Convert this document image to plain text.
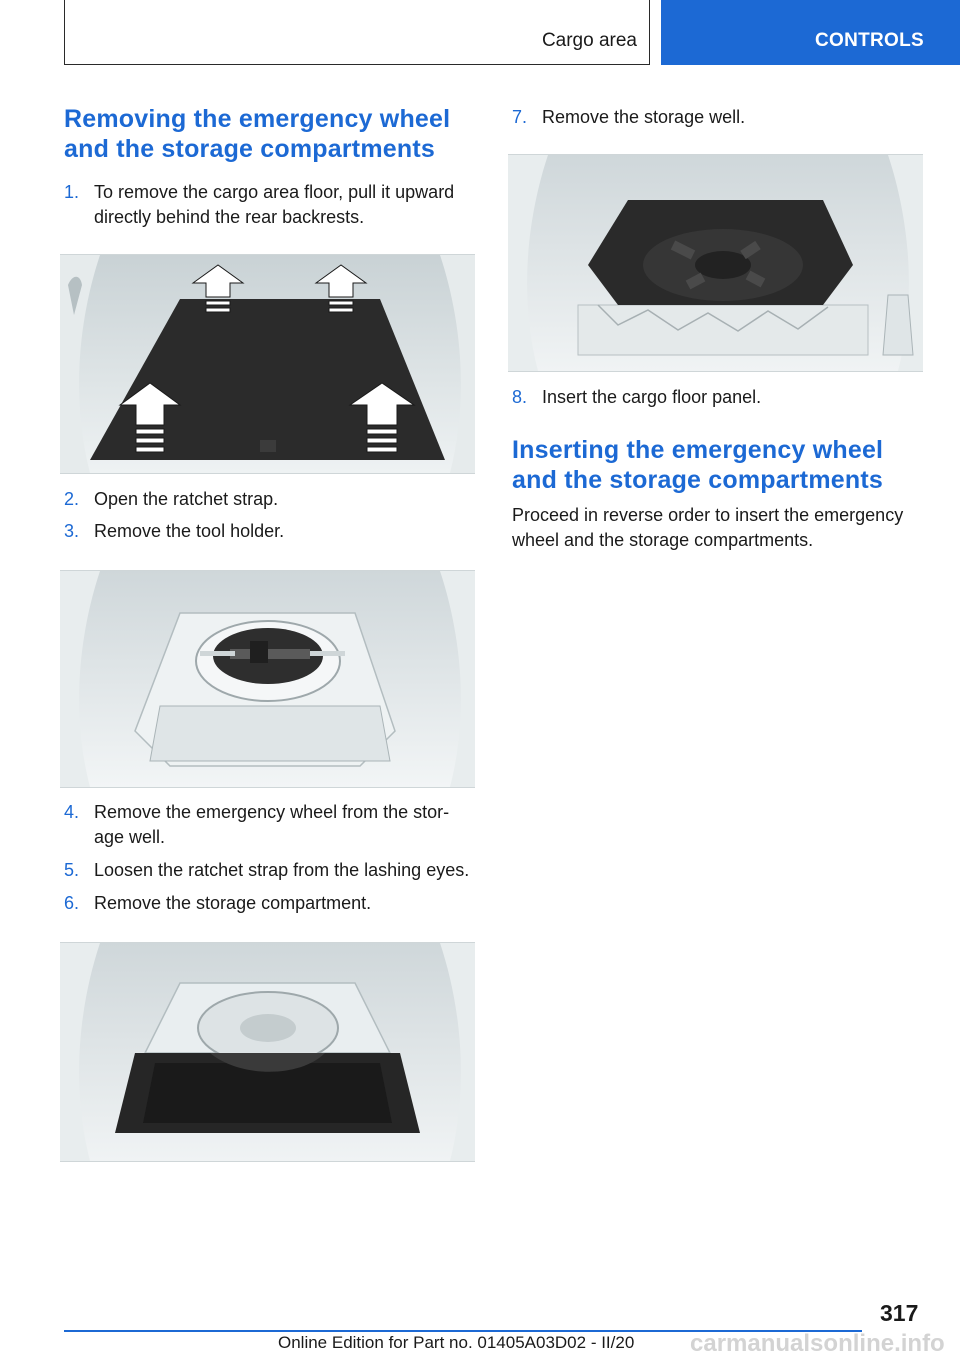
Cargo area	CONTROLS
Removing the emergency wheel and the storage compartments
1. To remove the cargo area floor, pull it upward directly behind the rear backrests.
2. Open the ratchet strap.
3. Remove the tool holder.
4. Remove the emergency wheel from the stor- age well.
5. Loosen the ratchet strap from the lashing eyes.
6. Remove the storage compartment.
7. Remove the storage well.
8. Insert the cargo floor panel.
Inserting the emergency wheel and the storage compartments

Proceed in reverse order to insert the emergency wheel and the storage compartments.

317
Online Edition for Part no. 01405A03D02 - II/20 carmanualsonline.info
